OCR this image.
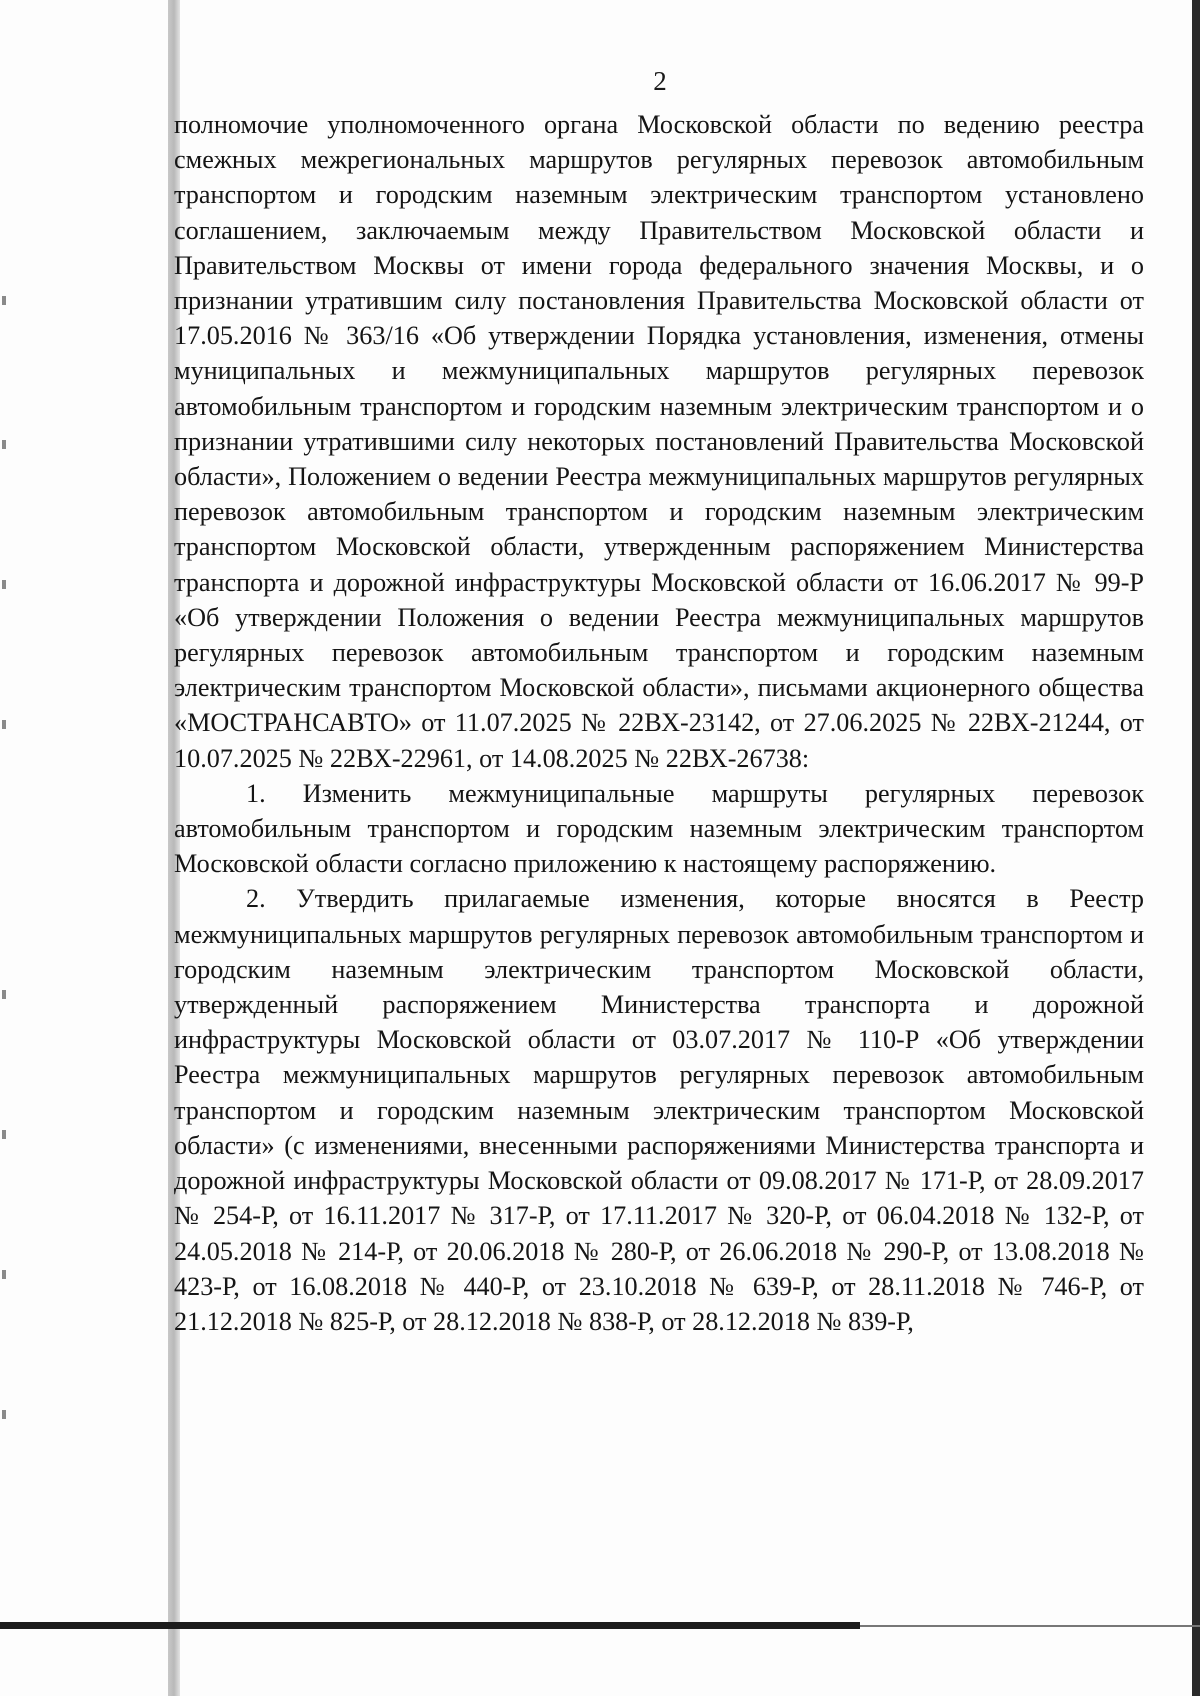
2

полномочие уполномоченного органа Московской области по ведению реестра смежных межрегиональных маршрутов регулярных перевозок автомобильным транспортом и городским наземным электрическим транспортом установлено соглашением, заключаемым между Правительством Московской области и Правительством Москвы от имени города федерального значения Москвы, и о признании утратившим силу постановления Правительства Московской области от 17.05.2016 № 363/16 «Об утверждении Порядка установления, изменения, отмены муниципальных и межмуниципальных маршрутов регулярных перевозок автомобильным транспортом и городским наземным электрическим транспортом и о признании утратившими силу некоторых постановлений Правительства Московской области», Положением о ведении Реестра межмуниципальных маршрутов регулярных перевозок автомобильным транспортом и городским наземным электрическим транспортом Московской области, утвержденным распоряжением Министерства транспорта и дорожной инфраструктуры Московской области от 16.06.2017 № 99-Р «Об утверждении Положения о ведении Реестра межмуниципальных маршрутов регулярных перевозок автомобильным транспортом и городским наземным электрическим транспортом Московской области», письмами акционерного общества «МОСТРАНСАВТО» от 11.07.2025 № 22ВХ-23142, от 27.06.2025 № 22ВХ-21244, от 10.07.2025 № 22ВХ-22961, от 14.08.2025 № 22ВХ-26738:

1. Изменить межмуниципальные маршруты регулярных перевозок автомобильным транспортом и городским наземным электрическим транспортом Московской области согласно приложению к настоящему распоряжению.

2. Утвердить прилагаемые изменения, которые вносятся в Реестр межмуниципальных маршрутов регулярных перевозок автомобильным транспортом и городским наземным электрическим транспортом Московской области, утвержденный распоряжением Министерства транспорта и дорожной инфраструктуры Московской области от 03.07.2017 № 110-Р «Об утверждении Реестра межмуниципальных маршрутов регулярных перевозок автомобильным транспортом и городским наземным электрическим транспортом Московской области» (с изменениями, внесенными распоряжениями Министерства транспорта и дорожной инфраструктуры Московской области от 09.08.2017 № 171-Р, от 28.09.2017 № 254-Р, от 16.11.2017 № 317-Р, от 17.11.2017 № 320-Р, от 06.04.2018 № 132-Р, от 24.05.2018 № 214-Р, от 20.06.2018 № 280-Р, от 26.06.2018 № 290-Р, от 13.08.2018 № 423-Р, от 16.08.2018 № 440-Р, от 23.10.2018 № 639-Р, от 28.11.2018 № 746-Р, от 21.12.2018 № 825-Р, от 28.12.2018 № 838-Р, от 28.12.2018 № 839-Р,
